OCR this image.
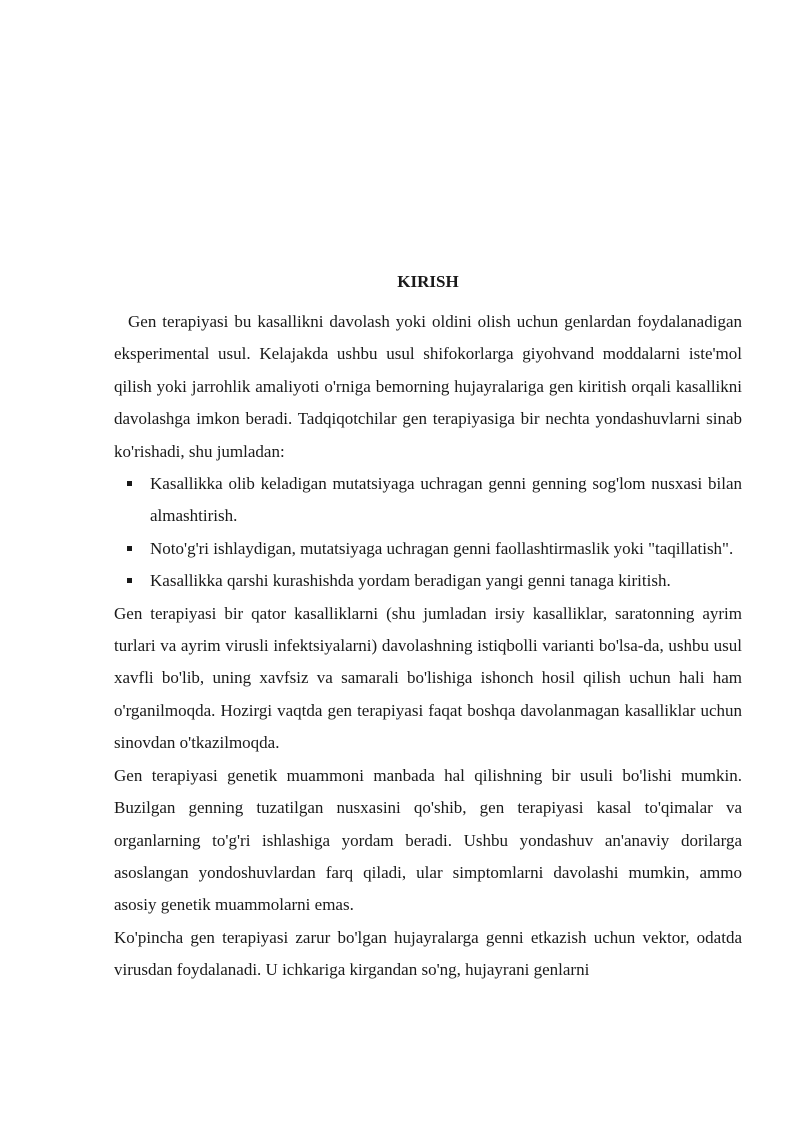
KIRISH

Gen terapiyasi bu kasallikni davolash yoki oldini olish uchun genlardan foydalanadigan eksperimental usul. Kelajakda ushbu usul shifokorlarga giyohvand moddalarni iste'mol qilish yoki jarrohlik amaliyoti o'rniga bemorning hujayralariga gen kiritish orqali kasallikni davolashga imkon beradi. Tadqiqotchilar gen terapiyasiga bir nechta yondashuvlarni sinab ko'rishadi, shu jumladan:

Kasallikka olib keladigan mutatsiyaga uchragan genni genning sog'lom nusxasi bilan almashtirish.
Noto'g'ri ishlaydigan, mutatsiyaga uchragan genni faollashtirmaslik yoki "taqillatish".
Kasallikka qarshi kurashishda yordam beradigan yangi genni tanaga kiritish.

Gen terapiyasi bir qator kasalliklarni (shu jumladan irsiy kasalliklar, saratonning ayrim turlari va ayrim virusli infektsiyalarni) davolashning istiqbolli varianti bo'lsa-da, ushbu usul xavfli bo'lib, uning xavfsiz va samarali bo'lishiga ishonch hosil qilish uchun hali ham o'rganilmoqda. Hozirgi vaqtda gen terapiyasi faqat boshqa davolanmagan kasalliklar uchun sinovdan o'tkazilmoqda.

Gen terapiyasi genetik muammoni manbada hal qilishning bir usuli bo'lishi mumkin. Buzilgan genning tuzatilgan nusxasini qo'shib, gen terapiyasi kasal to'qimalar va organlarning to'g'ri ishlashiga yordam beradi. Ushbu yondashuv an'anaviy dorilarga asoslangan yondoshuvlardan farq qiladi, ular simptomlarni davolashi mumkin, ammo asosiy genetik muammolarni emas.

Ko'pincha gen terapiyasi zarur bo'lgan hujayralarga genni etkazish uchun vektor, odatda virusdan foydalanadi. U ichkariga kirgandan so'ng, hujayrani genlarni
